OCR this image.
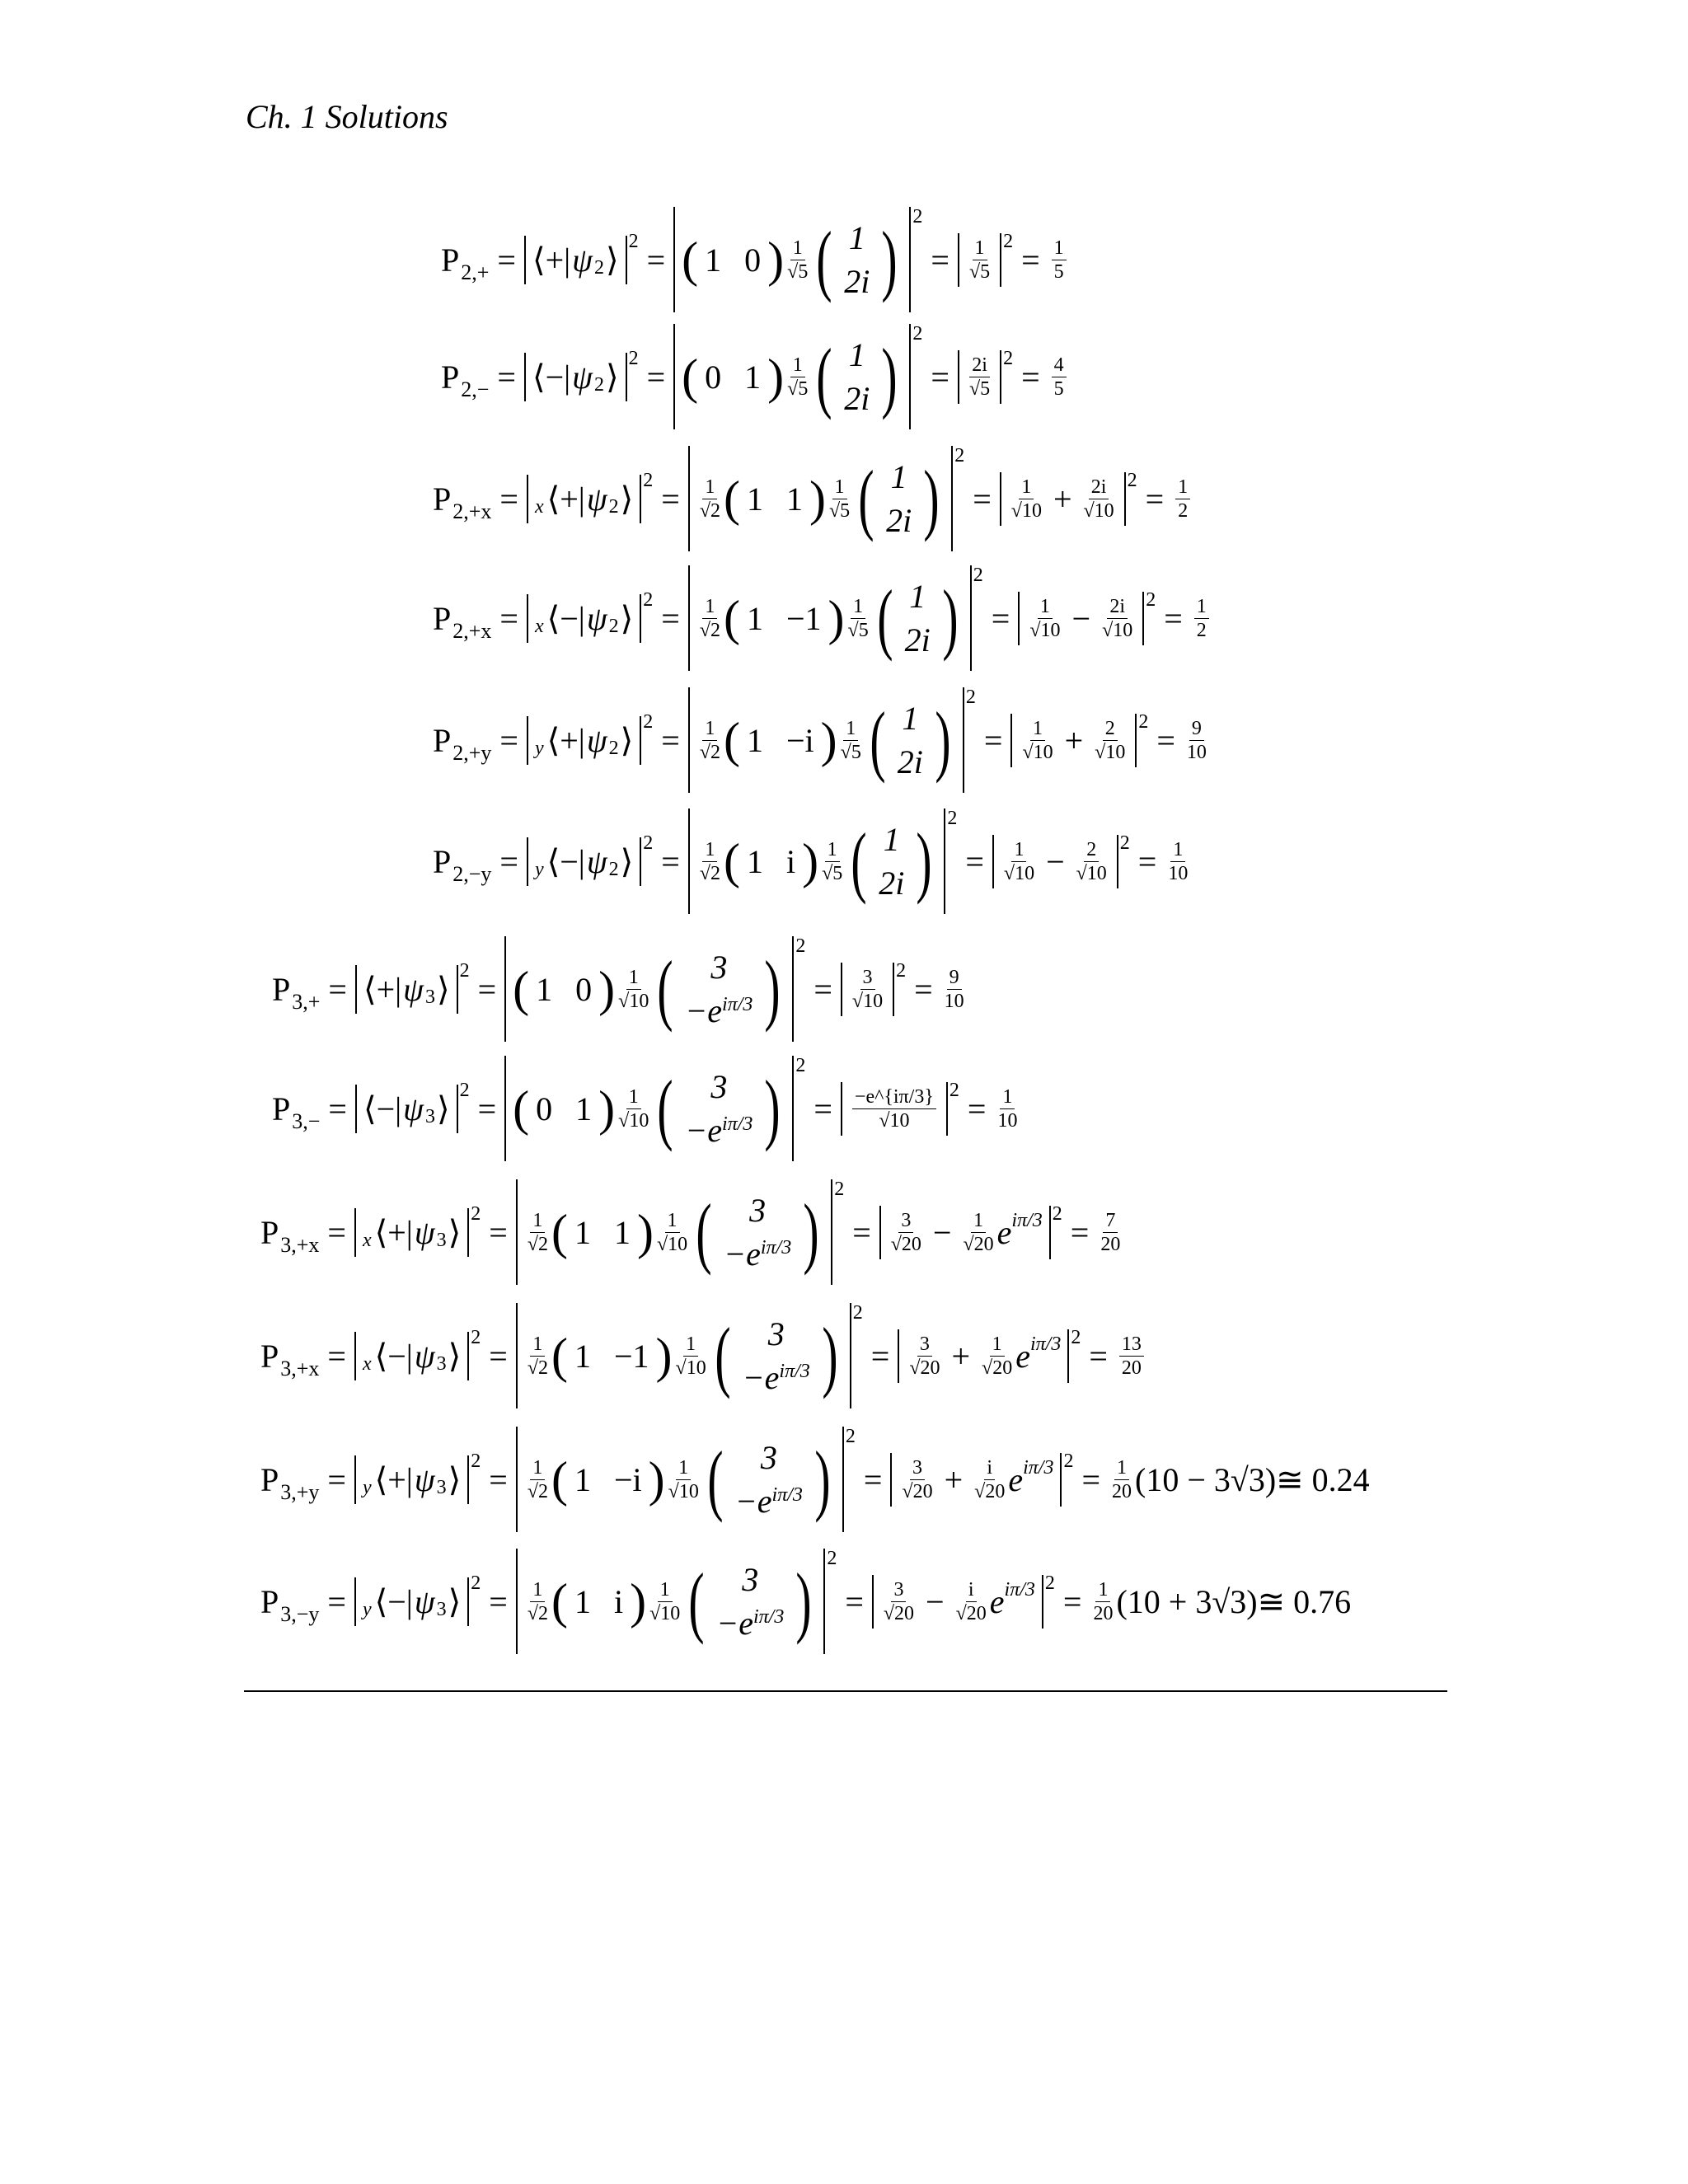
Ch. 1 Solutions
P 2,+ = ⟨+| ψ 2 ⟩ 2 = ( 1 0 ) $\frac{1}{√5}$ ( 1
2i ) 2
= $\frac{1}{√5} 2 = \frac{1}{5}$
P 2,− = ⟨−| ψ 2 ⟩ 2 = ( 0 1 ) $\frac{1}{√5}$ ( 1
2i ) 2
= $\frac{2i}{√5} 2 = \frac{4}{5}$
P 2,+x = x ⟨+| ψ 2 ⟩ $2 = \frac{1}{√2}$ ( 1 1 ) $\frac{1}{√5}$ ( 1
2i ) 2
= $\frac{1}{√10} + \frac{2i}{√10} 2 = \frac{1}{2}$
P 2,+x = x ⟨−| ψ 2 ⟩ $2 = \frac{1}{√2}$ ( 1 −1 ) $\frac{1}{√5}$ ( 1
2i ) 2
= $\frac{1}{√10} - \frac{2i}{√10} 2 = \frac{1}{2}$
P 2,+y = y ⟨+| ψ 2 ⟩ $2 = \frac{1}{√2}$ ( 1 −i ) $\frac{1}{√5}$ ( 1
2i ) 2
= $\frac{1}{√10} + \frac{2}{√10} 2 = \frac{9}{10}$
P 2,−y = y ⟨−| ψ 2 ⟩ $2 = \frac{1}{√2}$ ( 1 i ) $\frac{1}{√5}$ ( 1
2i ) 2
= $\frac{1}{√10} - \frac{2}{√10} 2 = \frac{1}{10}$
P 3,+ = ⟨+| ψ 3 ⟩ 2 = ( 1 0 ) $\frac{1}{√10}$ ( 3
$-e^{i\pi/3}$ ) 2
= $\frac{3}{√10} 2 = \frac{9}{10}$
P 3,− = ⟨−| ψ 3 ⟩ 2 = ( 0 1 ) $\frac{1}{√10}$ ( 3
$-e^{i\pi/3}$ ) 2
= $\frac{-e\^{}\{i\pi/3\}}{√10} 2 = \frac{1}{10}$
P 3,+x = x ⟨+| ψ 3 ⟩ $2 = \frac{1}{√2}$ ( 1 1 ) $\frac{1}{√10}$ ( 3
$-e^{i\pi/3}$ ) 2
= $\frac{3}{√20} - \frac{1}{√20}$ e iπ/3 $2 = \frac{7}{20}$
P 3,+x = x ⟨−| ψ 3 ⟩ $2 = \frac{1}{√2}$ ( 1 −1 ) $\frac{1}{√10}$ ( 3
$-e^{i\pi/3}$ ) 2
= $\frac{3}{√20} + \frac{1}{√20}$ e iπ/3 $2 = \frac{13}{20}$
P 3,+y = y ⟨+| ψ 3 ⟩ $2 = \frac{1}{√2}$ ( 1 −i ) $\frac{1}{√10}$ ( 3
$-e^{i\pi/3}$ ) 2
= $\frac{3}{√20} + \frac{i}{√20}$ e iπ/3 $2 = \frac{1}{20} (10$ − 3√3)≅ 0.24
P 3,−y = y ⟨−| ψ 3 ⟩ $2 = \frac{1}{√2}$ ( 1 i ) $\frac{1}{√10}$ ( 3
$-e^{i\pi/3}$ ) 2
= $\frac{3}{√20} - \frac{i}{√20}$ e iπ/3 $2 = \frac{1}{20} (10$ + 3√3)≅ 0.76
